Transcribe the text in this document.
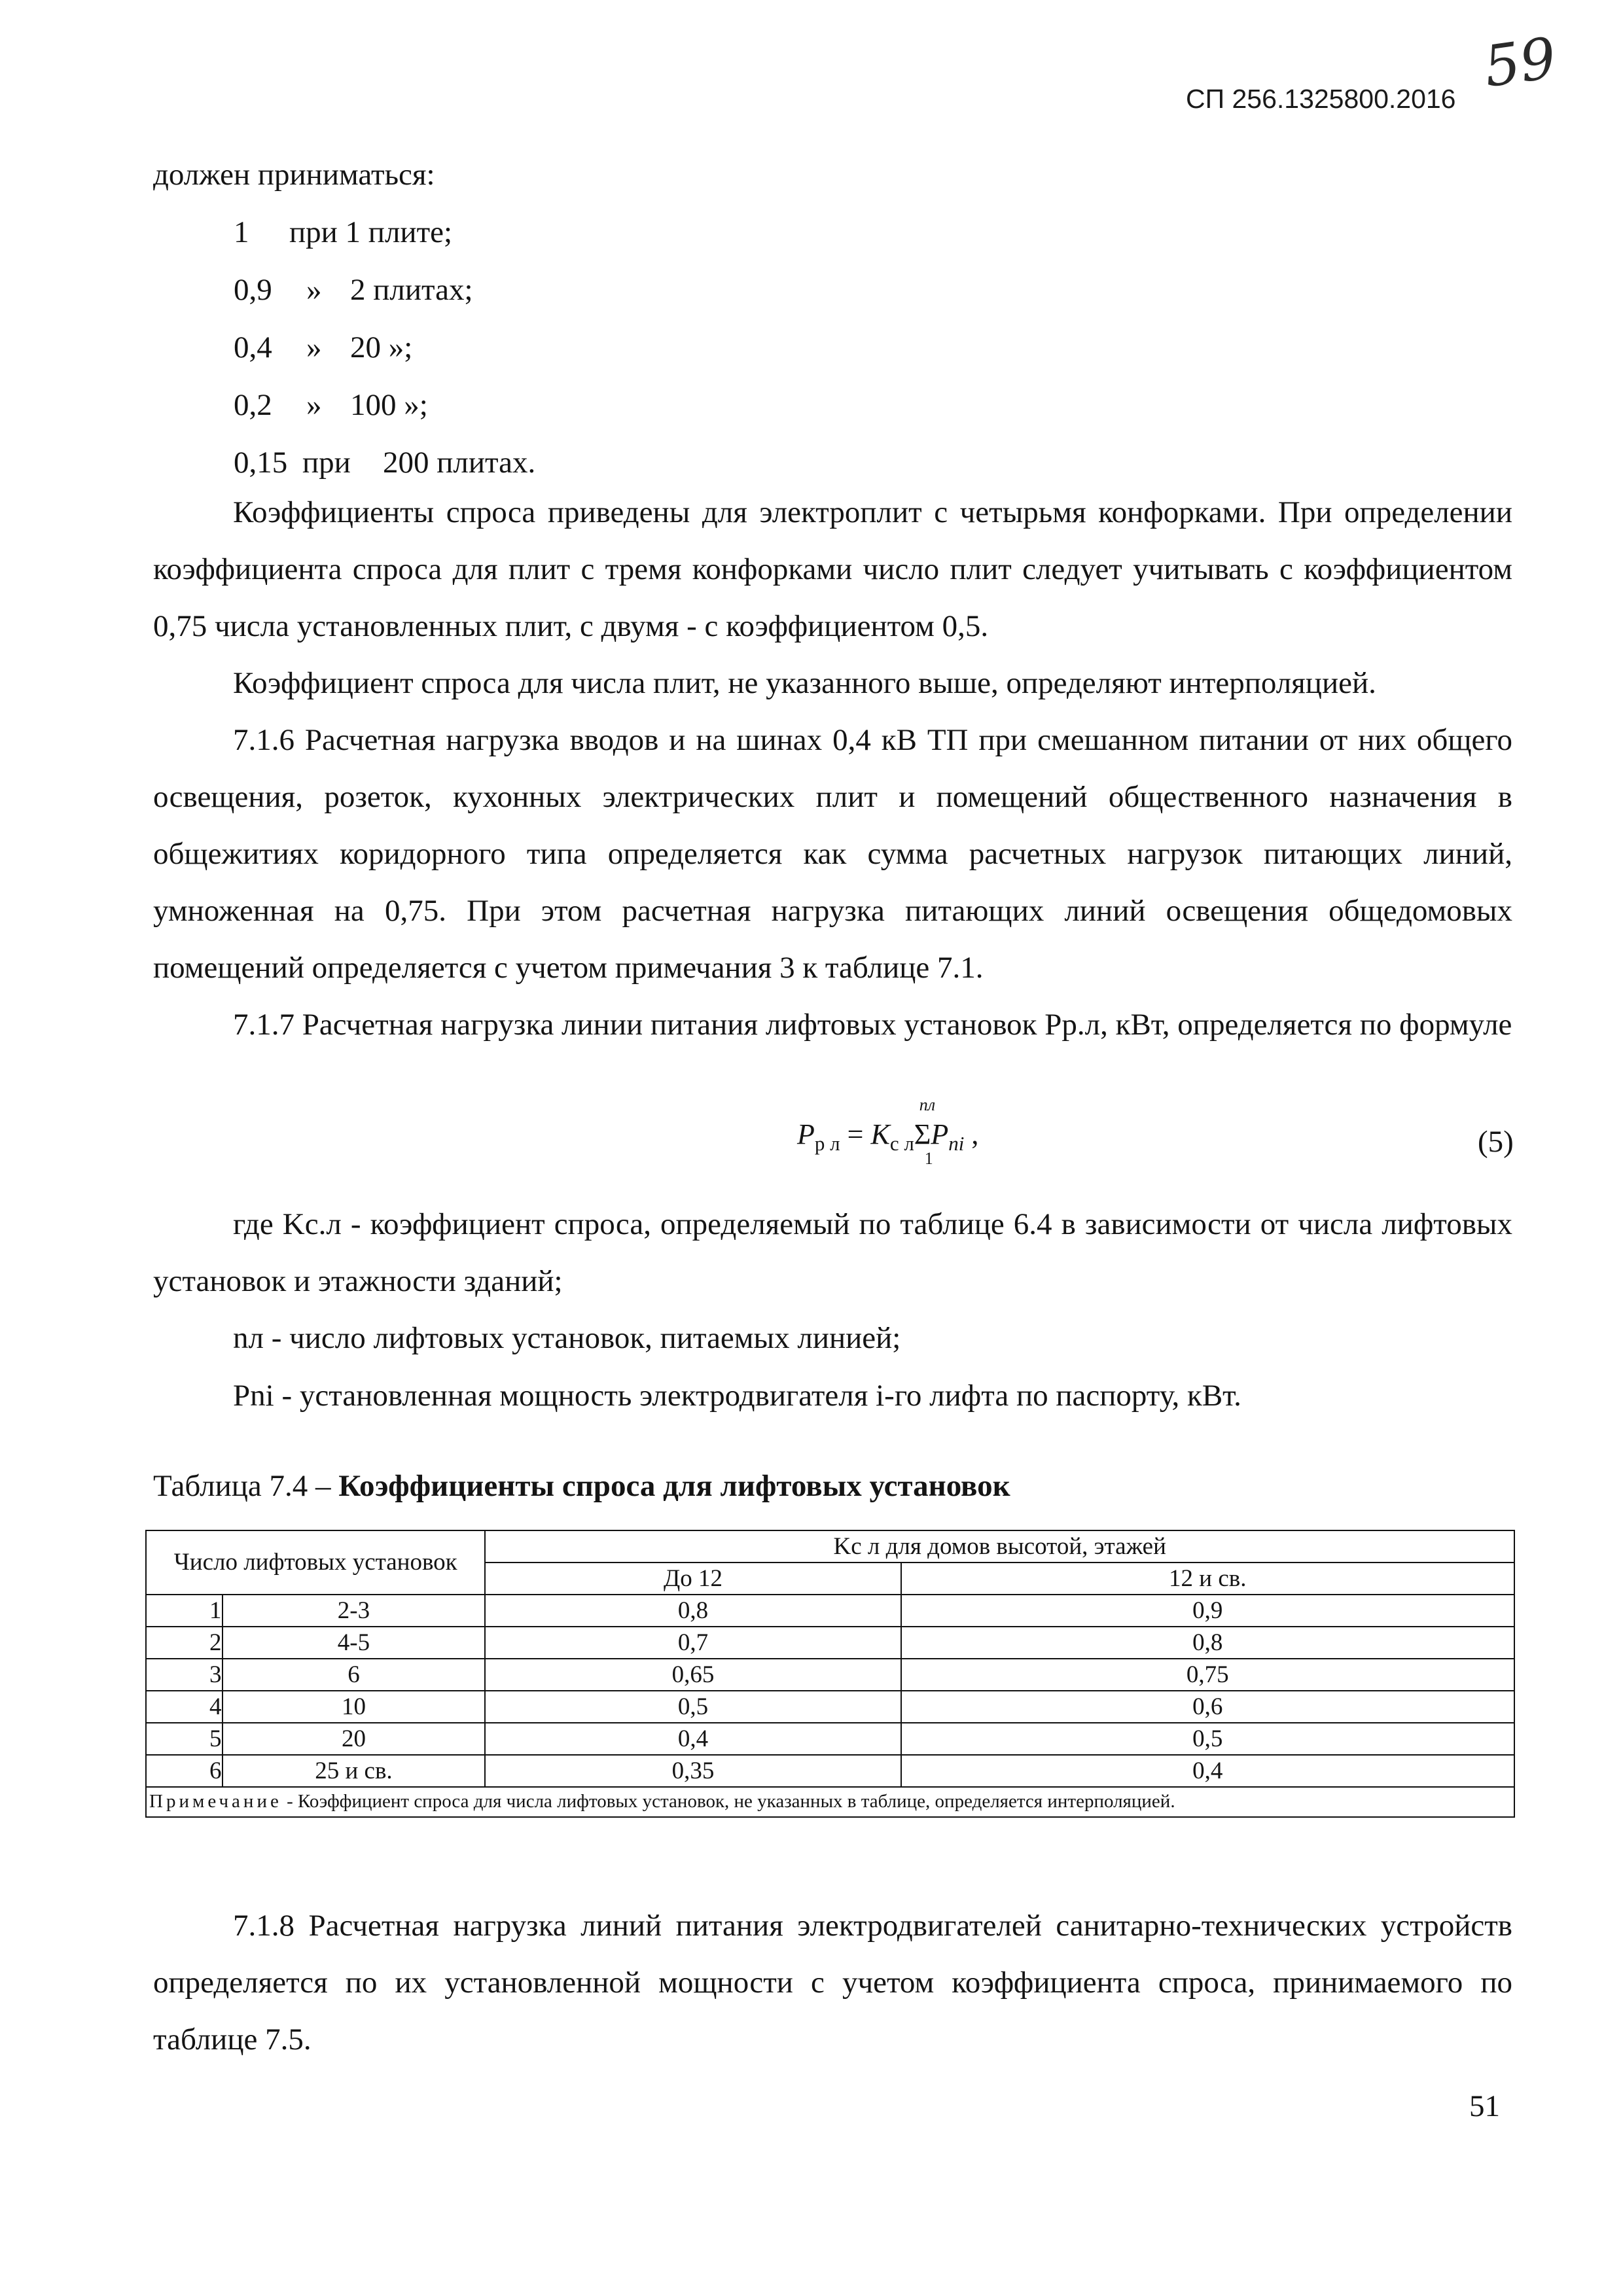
СП 256.1325800.2016 59
должен приниматься:
1 при 1 плите;
0,9 » 2 плитах;
0,4 » 20 »;
0,2 » 100 »;
0,15 при 200 плитах.
Коэффициенты спроса приведены для электроплит с четырьмя конфорками. При определении коэффициента спроса для плит с тремя конфорками число плит следует учитывать с коэффициентом 0,75 числа установленных плит, с двумя - с коэффициентом 0,5.
Коэффициент спроса для числа плит, не указанного выше, определяют интерполяцией.
7.1.6 Расчетная нагрузка вводов и на шинах 0,4 кВ ТП при смешанном питании от них общего освещения, розеток, кухонных электрических плит и помещений общественного назначения в общежитиях коридорного типа определяется как сумма расчетных нагрузок питающих линий, умноженная на 0,75. При этом расчетная нагрузка питающих линий освещения общедомовых помещений определяется с учетом примечания 3 к таблице 7.1.
7.1.7 Расчетная нагрузка линии питания лифтовых установок Pр.л, кВт, определяется по формуле
$P_{р л} = K_{с л}$
nл
Σ
1
$P_{ni}$ ,	(5)
где Kс.л - коэффициент спроса, определяемый по таблице 6.4 в зависимости от числа лифтовых установок и этажности зданий;
nл - число лифтовых установок, питаемых линией;
Pni - установленная мощность электродвигателя i-го лифта по паспорту, кВт.
Таблица 7.4 – Коэффициенты спроса для лифтовых установок
Число лифтовых установок		Kс л для домов высотой, этажей	
		До 12	12 и св.
1	2-3	0,8	0,9
2	4-5	0,7	0,8
3	6	0,65	0,75
4	10	0,5	0,6
5	20	0,4	0,5
6	25 и св.	0,35	0,4
Примечание - Коэффициент спроса для числа лифтовых установок, не указанных в таблице, определяется интерполяцией.			
7.1.8 Расчетная нагрузка линий питания электродвигателей санитарно-технических устройств определяется по их установленной мощности с учетом коэффициента спроса, принимаемого по таблице 7.5.
51
